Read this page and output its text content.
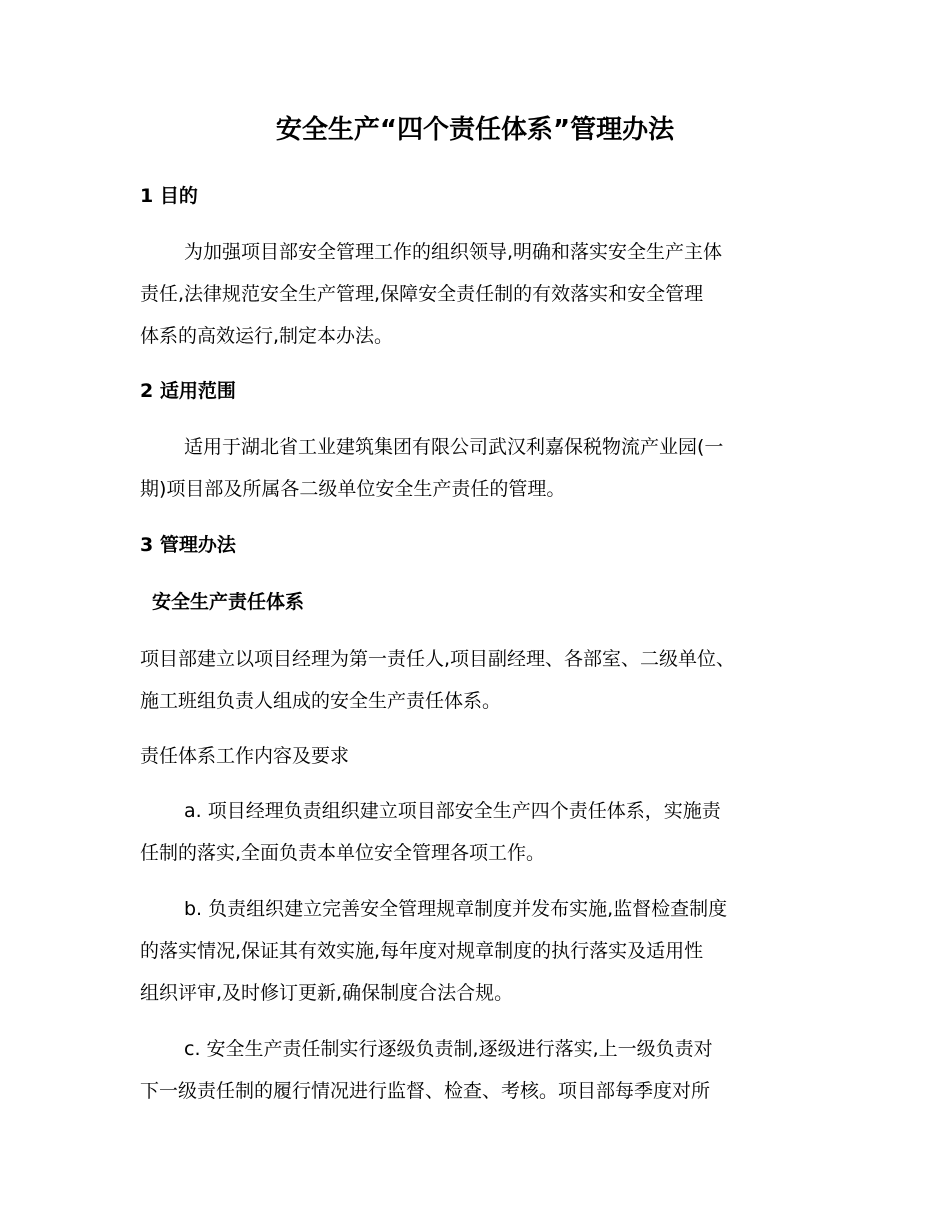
安全生产“四个责任体系”管理办法
1 目的
为加强项目部安全管理工作的组织领导,明确和落实安全生产主体
责任,法律规范安全生产管理,保障安全责任制的有效落实和安全管理
体系的高效运行,制定本办法。
2 适用范围
适用于湖北省工业建筑集团有限公司武汉利嘉保税物流产业园(一
期)项目部及所属各二级单位安全生产责任的管理。
3 管理办法
安全生产责任体系
项目部建立以项目经理为第一责任人,项目副经理、各部室、二级单位、
施工班组负责人组成的安全生产责任体系。
责任体系工作内容及要求
a. 项目经理负责组织建立项目部安全生产四个责任体系，实施责
任制的落实,全面负责本单位安全管理各项工作。
b. 负责组织建立完善安全管理规章制度并发布实施,监督检查制度
的落实情况,保证其有效实施,每年度对规章制度的执行落实及适用性
组织评审,及时修订更新,确保制度合法合规。
c. 安全生产责任制实行逐级负责制,逐级进行落实,上一级负责对
下一级责任制的履行情况进行监督、检查、考核。项目部每季度对所
